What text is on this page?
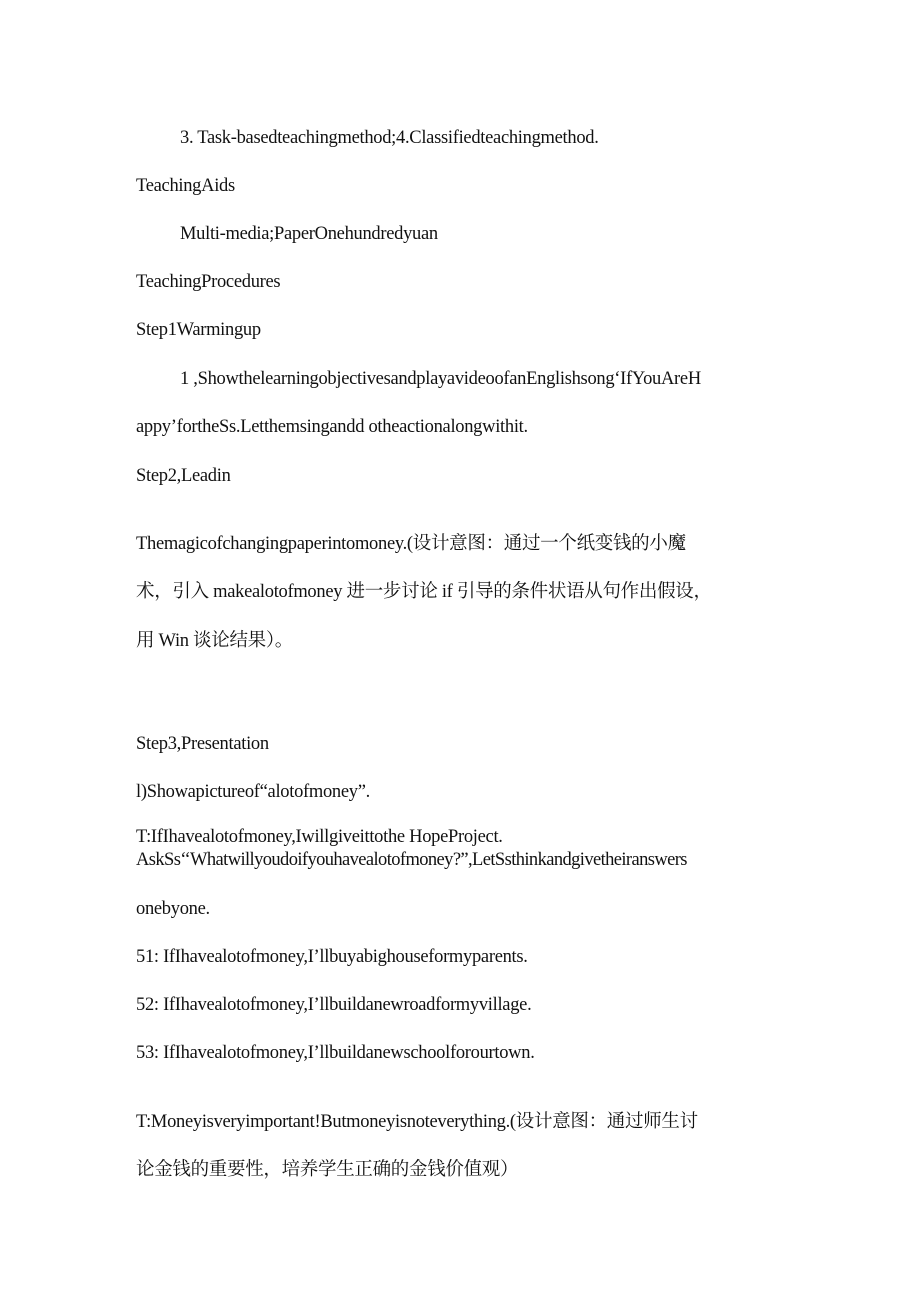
3. Task-basedteachingmethod;4.Classifiedteachingmethod.
TeachingAids
Multi-media;PaperOnehundredyuan
TeachingProcedures
Step1Warmingup
1 ,ShowthelearningobjectivesandplayavideoofanEnglishsong‘IfYouAreH
appy’fortheSs.Letthemsingandd otheactionalongwithit.
Step2,Leadin
Themagicofchangingpaperintomoney.(设计意图：通过一个纸变钱的小魔
术，引入 makealotofmoney 进一步讨论 if 引导的条件状语从句作出假设，
用 Win 谈论结果）。
Step3,Presentation
l)Showapictureof“alotofmoney”.
T:IfIhavealotofmoney,Iwillgiveittothe HopeProject.
AskSs‘‘Whatwillyoudoifyouhavealotofmoney?”,LetSsthinkandgivetheiranswers
onebyone.
51: IfIhavealotofmoney,I’llbuyabighouseformyparents.
52: IfIhavealotofmoney,I’llbuildanewroadformyvillage.
53: IfIhavealotofmoney,I’llbuildanewschoolforourtown.
T:Moneyisveryimportant!Butmoneyisnoteverything.(设计意图：通过师生讨
论金钱的重要性，培养学生正确的金钱价值观）
